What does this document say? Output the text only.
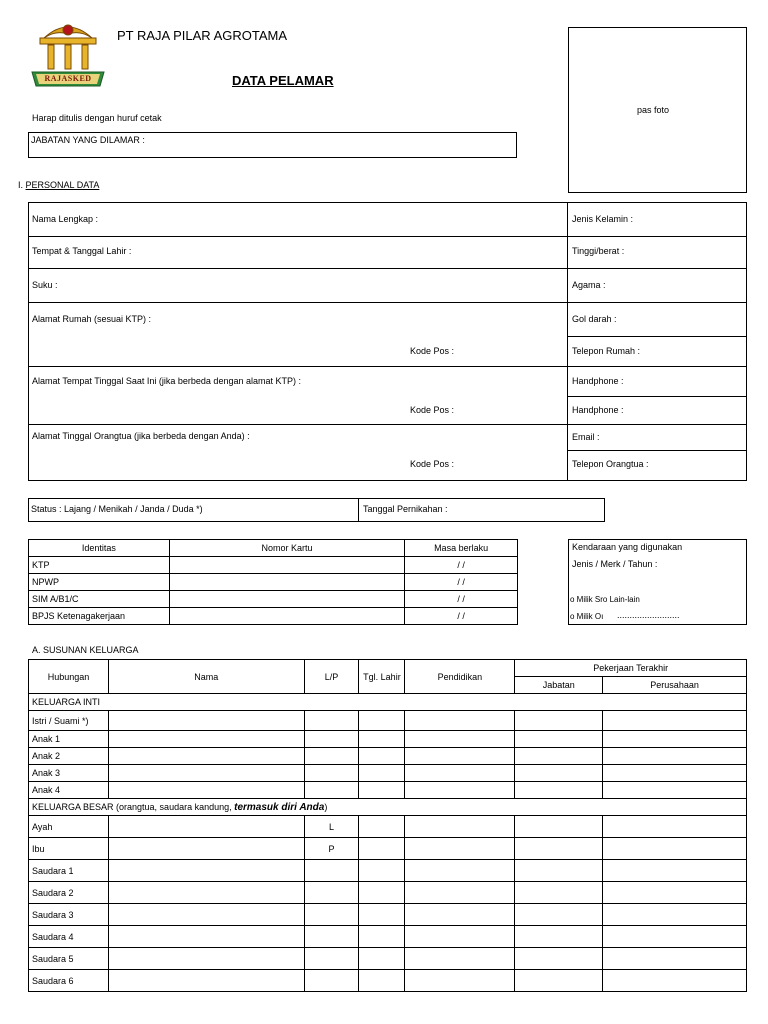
RAJASKED
PT RAJA PILAR AGROTAMA
DATA PELAMAR
Harap ditulis dengan huruf cetak
JABATAN YANG DILAMAR :
pas foto
I. PERSONAL DATA
Nama Lengkap :	Jenis Kelamin :
Tempat & Tanggal Lahir :	Tinggi/berat :
Suku :	Agama :
Alamat Rumah (sesuai KTP) :	Gol darah :
Kode Pos :	Telepon Rumah :
Alamat Tempat Tinggal Saat Ini (jika berbeda dengan alamat KTP) :	Handphone :
Kode Pos :	Handphone :
Alamat Tinggal Orangtua (jika berbeda dengan Anda) :	Email :
Kode Pos :	Telepon Orangtua :
Status : Lajang / Menikah / Janda / Duda *)	Tanggal Pernikahan :
Identitas	Nomor Kartu	Masa berlaku
KTP		/ /
NPWP		/ /
SIM A/B1/C		/ /
BPJS Ketenagakerjaan		/ /
Kendaraan yang digunakan
Jenis / Merk / Tahun :
o Milik Sro Lain-lain
o Milik Oı .........................
A. SUSUNAN KELUARGA
Hubungan	Nama	L/P	Tgl. Lahir	Pendidikan	Pekerjaan Terakhir	
					Jabatan	Perusahaan
KELUARGA INTI						
Istri / Suami *)						
Anak 1						
Anak 2						
Anak 3						
Anak 4						
KELUARGA BESAR (orangtua, saudara kandung, termasuk diri Anda)						
Ayah		L				
Ibu		P				
Saudara 1						
Saudara 2						
Saudara 3						
Saudara 4						
Saudara 5						
Saudara 6						
